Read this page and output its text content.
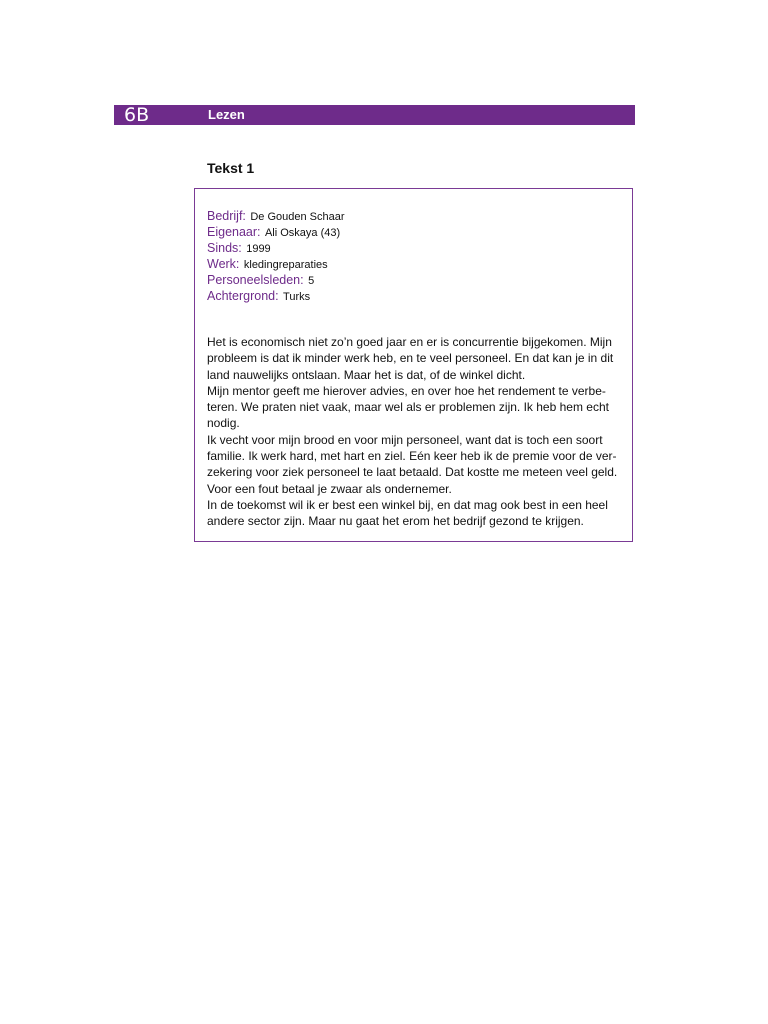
6B	Lezen
Tekst 1
Bedrijf: De Gouden Schaar
Eigenaar: Ali Oskaya (43)
Sinds: 1999
Werk: kledingreparaties
Personeelsleden: 5
Achtergrond: Turks
Het is economisch niet zo’n goed jaar en er is concurrentie bijgekomen. Mijn
probleem is dat ik minder werk heb, en te veel personeel. En dat kan je in dit
land nauwelijks ontslaan. Maar het is dat, of de winkel dicht.
Mijn mentor geeft me hierover advies, en over hoe het rendement te verbe-
teren. We praten niet vaak, maar wel als er problemen zijn. Ik heb hem echt
nodig.
Ik vecht voor mijn brood en voor mijn personeel, want dat is toch een soort
familie. Ik werk hard, met hart en ziel. Eén keer heb ik de premie voor de ver-
zekering voor ziek personeel te laat betaald. Dat kostte me meteen veel geld.
Voor een fout betaal je zwaar als ondernemer.
In de toekomst wil ik er best een winkel bij, en dat mag ook best in een heel
andere sector zijn. Maar nu gaat het erom het bedrijf gezond te krijgen.
